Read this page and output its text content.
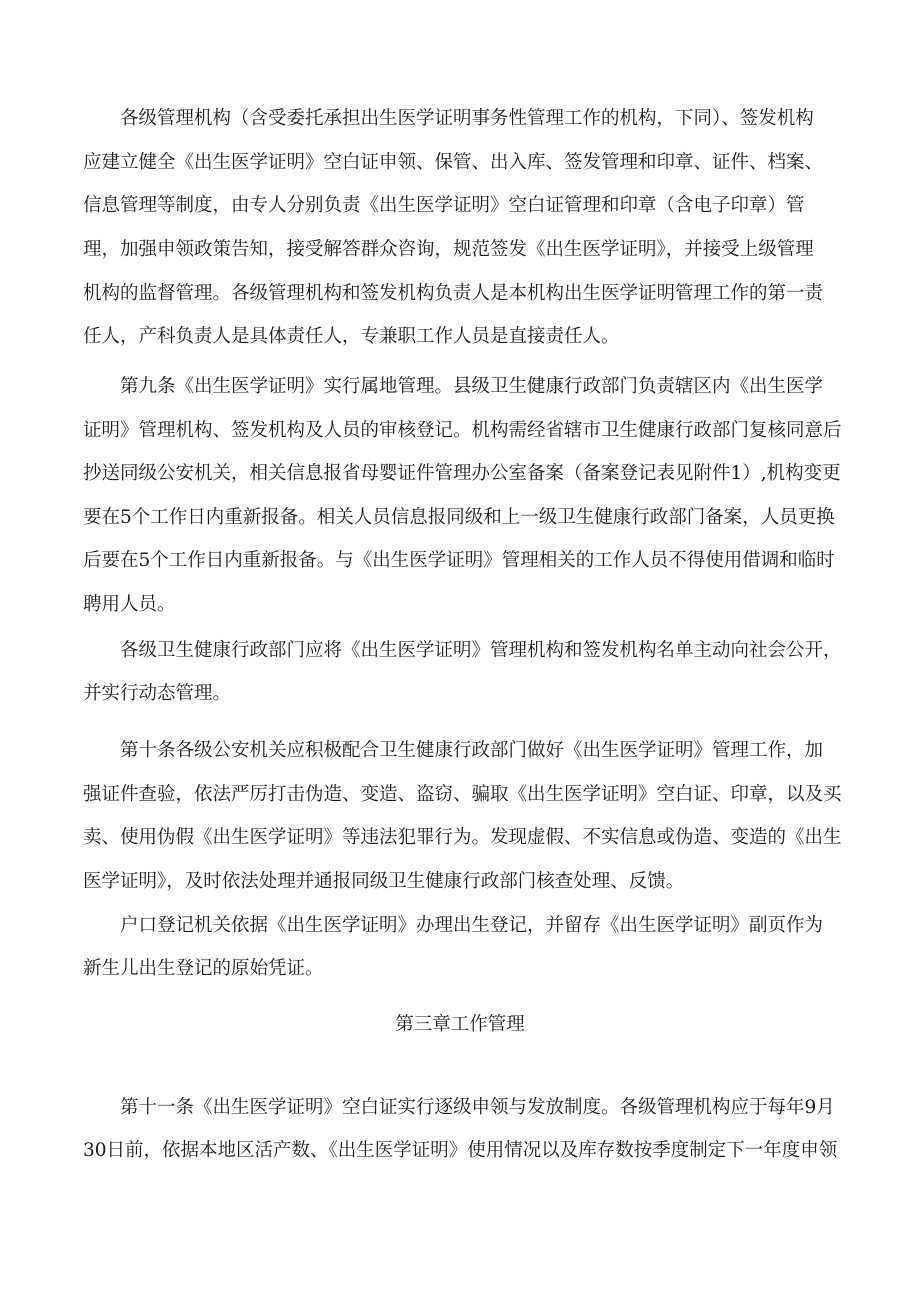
各级管理机构（含受委托承担出生医学证明事务性管理工作的机构，下同）、签发机构
应建立健全《出生医学证明》空白证申领、保管、出入库、签发管理和印章、证件、档案、
信息管理等制度，由专人分别负责《出生医学证明》空白证管理和印章（含电子印章）管
理，加强申领政策告知，接受解答群众咨询，规范签发《出生医学证明》，并接受上级管理
机构的监督管理。各级管理机构和签发机构负责人是本机构出生医学证明管理工作的第一责
任人，产科负责人是具体责任人，专兼职工作人员是直接责任人。
第九条《出生医学证明》实行属地管理。县级卫生健康行政部门负责辖区内《出生医学
证明》管理机构、签发机构及人员的审核登记。机构需经省辖市卫生健康行政部门复核同意后
抄送同级公安机关，相关信息报省母婴证件管理办公室备案（备案登记表见附件1）,机构变更
要在5个工作日内重新报备。相关人员信息报同级和上一级卫生健康行政部门备案，人员更换
后要在5个工作日内重新报备。与《出生医学证明》管理相关的工作人员不得使用借调和临时
聘用人员。
各级卫生健康行政部门应将《出生医学证明》管理机构和签发机构名单主动向社会公开，
并实行动态管理。
第十条各级公安机关应积极配合卫生健康行政部门做好《出生医学证明》管理工作，加
强证件查验，依法严厉打击伪造、变造、盗窃、骗取《出生医学证明》空白证、印章，以及买
卖、使用伪假《出生医学证明》等违法犯罪行为。发现虚假、不实信息或伪造、变造的《出生
医学证明》，及时依法处理并通报同级卫生健康行政部门核查处理、反馈。
户口登记机关依据《出生医学证明》办理出生登记，并留存《出生医学证明》副页作为
新生儿出生登记的原始凭证。
第三章工作管理
第十一条《出生医学证明》空白证实行逐级申领与发放制度。各级管理机构应于每年9月
30日前，依据本地区活产数、《出生医学证明》使用情况以及库存数按季度制定下一年度申领
